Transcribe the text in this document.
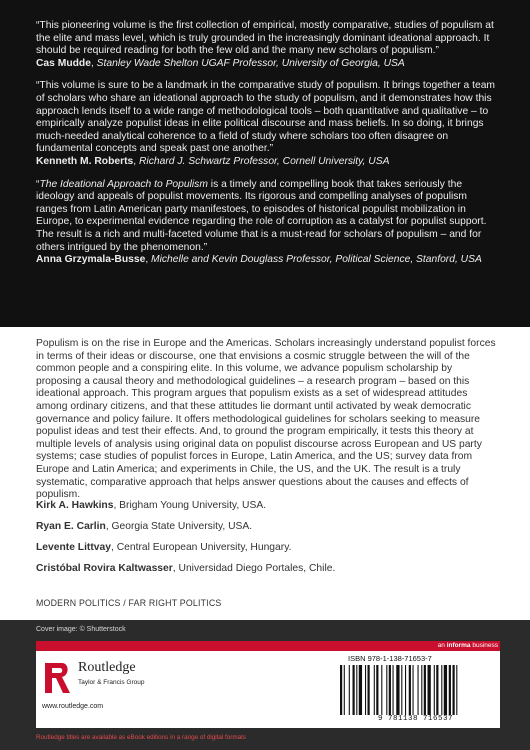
“This pioneering volume is the first collection of empirical, mostly comparative, studies of populism at the elite and mass level, which is truly grounded in the increasingly dominant ideational approach. It should be required reading for both the few old and the many new scholars of populism.”
Cas Mudde, Stanley Wade Shelton UGAF Professor, University of Georgia, USA

“This volume is sure to be a landmark in the comparative study of populism. It brings together a team of scholars who share an ideational approach to the study of populism, and it demonstrates how this approach lends itself to a wide range of methodological tools – both quantitative and qualitative – to empirically analyze populist ideas in elite political discourse and mass beliefs. In so doing, it brings much-needed analytical coherence to a field of study where scholars too often disagree on fundamental concepts and speak past one another.”
Kenneth M. Roberts, Richard J. Schwartz Professor, Cornell University, USA

“The Ideational Approach to Populism is a timely and compelling book that takes seriously the ideology and appeals of populist movements. Its rigorous and compelling analyses of populism ranges from Latin American party manifestoes, to episodes of historical populist mobilization in Europe, to experimental evidence regarding the role of corruption as a catalyst for populist support. The result is a rich and multi-faceted volume that is a must-read for scholars of populism – and for others intrigued by the phenomenon.”
Anna Grzymala-Busse, Michelle and Kevin Douglass Professor, Political Science, Stanford, USA

Populism is on the rise in Europe and the Americas. Scholars increasingly understand populist forces in terms of their ideas or discourse, one that envisions a cosmic struggle between the will of the common people and a conspiring elite. In this volume, we advance populism scholarship by proposing a causal theory and methodological guidelines – a research program – based on this ideational approach. This program argues that populism exists as a set of widespread attitudes among ordinary citizens, and that these attitudes lie dormant until activated by weak democratic governance and policy failure. It offers methodological guidelines for scholars seeking to measure populist ideas and test their effects. And, to ground the program empirically, it tests this theory at multiple levels of analysis using original data on populist discourse across European and US party systems; case studies of populist forces in Europe, Latin America, and the US; survey data from Europe and Latin America; and experiments in Chile, the US, and the UK. The result is a truly systematic, comparative approach that helps answer questions about the causes and effects of populism.

Kirk A. Hawkins, Brigham Young University, USA.
Ryan E. Carlin, Georgia State University, USA.
Levente Littvay, Central European University, Hungary.
Cristóbal Rovira Kaltwasser, Universidad Diego Portales, Chile.
MODERN POLITICS / FAR RIGHT POLITICS
Cover image: © Shutterstock
an informa business
Routledge
Taylor & Francis Group
www.routledge.com
ISBN 978-1-138-71653-7
9 781138 716537
Routledge titles are available as eBook editions in a range of digital formats
